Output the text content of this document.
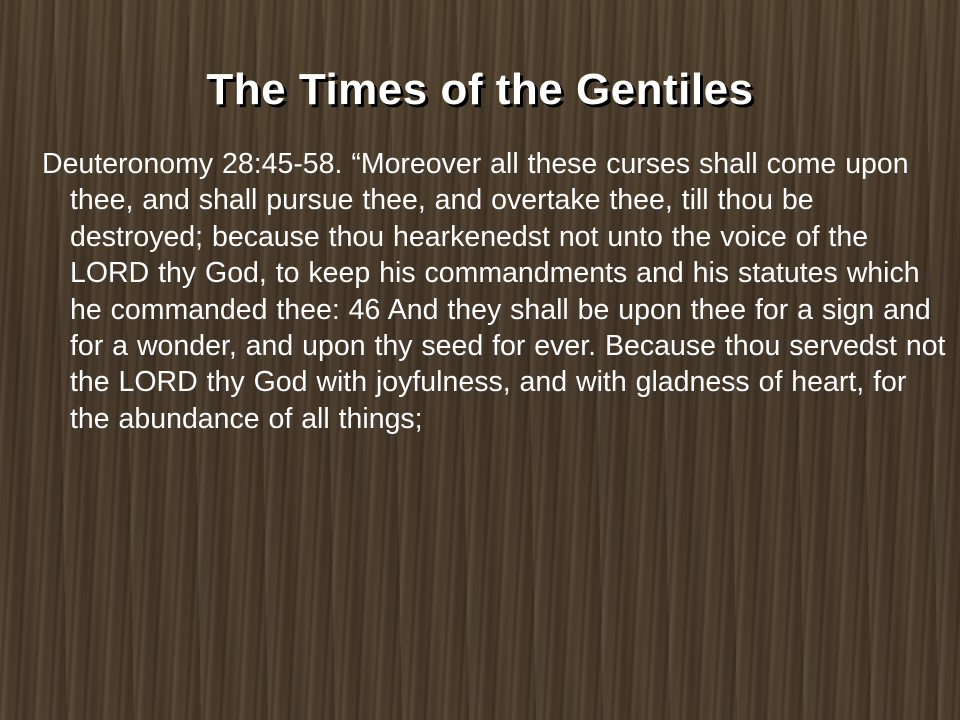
The Times of the Gentiles

Deuteronomy 28:45-58. “Moreover all these curses shall come upon thee, and shall pursue thee, and overtake thee, till thou be destroyed; because thou hearkenedst not unto the voice of the LORD thy God, to keep his commandments and his statutes which he commanded thee: 46 And they shall be upon thee for a sign and for a wonder, and upon thy seed for ever. Because thou servedst not the LORD thy God with joyfulness, and with gladness of heart, for the abundance of all things;
